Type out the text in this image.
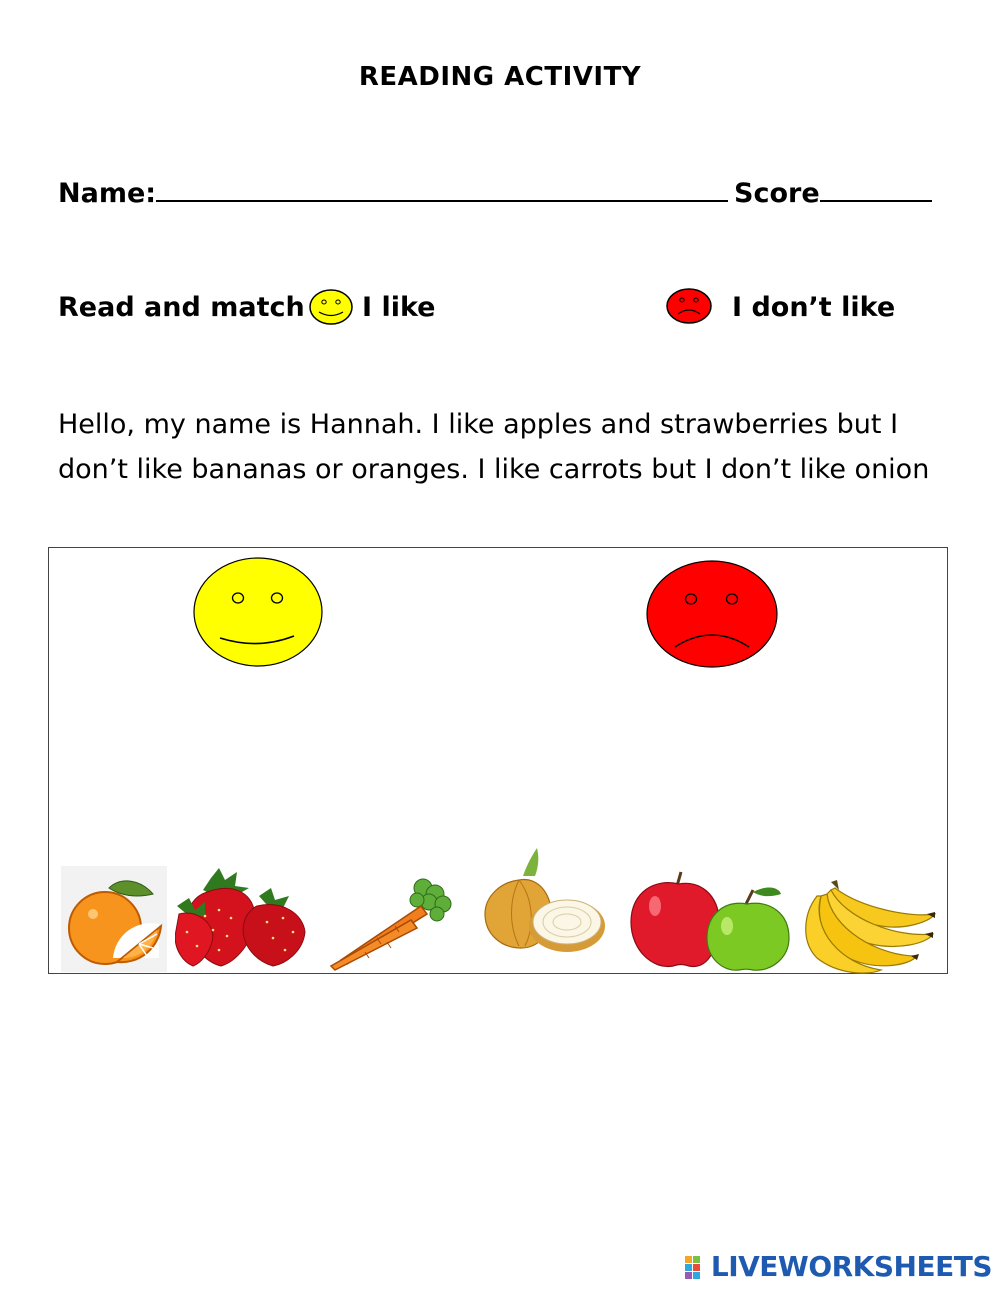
READING ACTIVITY
Name:	Score
Read and match I like	I don’t like
Hello, my name is Hannah. I like apples and strawberries but I don’t like bananas or oranges. I like carrots but I don’t like onion
LIVEWORKSHEETS
